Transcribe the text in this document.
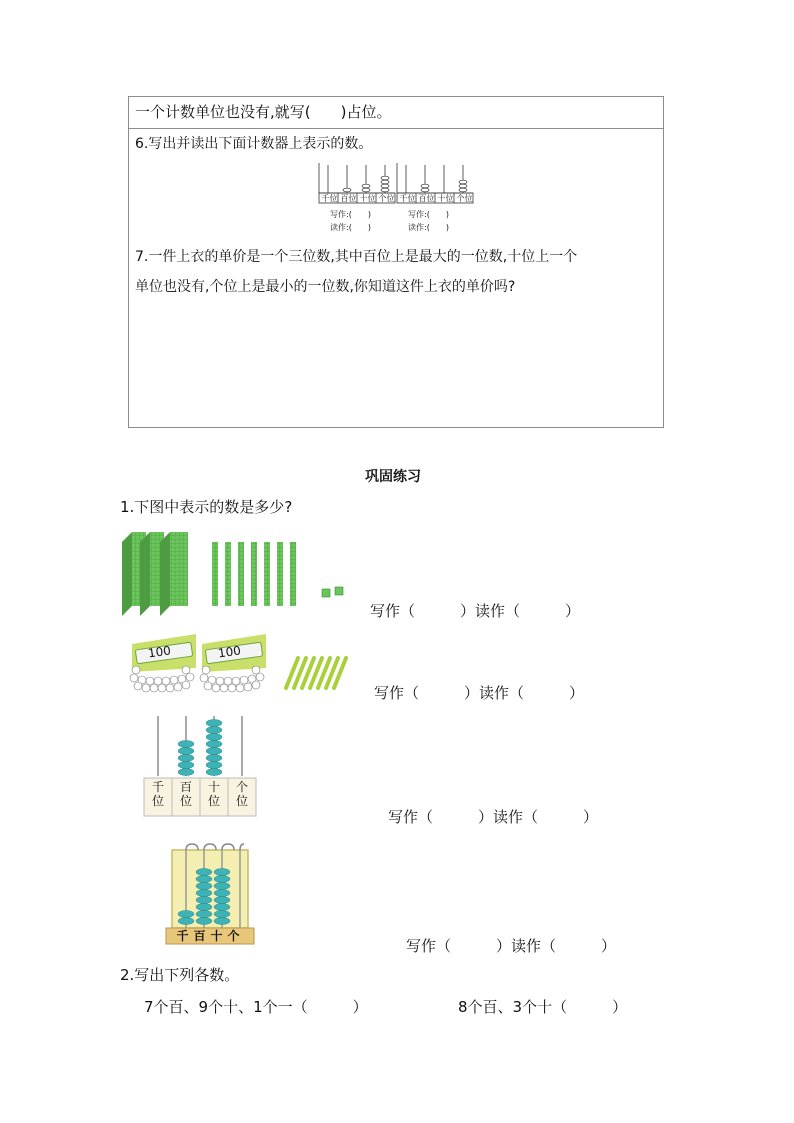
一个计数单位也没有,就写(　　)占位。
6.写出并读出下面计数器上表示的数。
千位 百位 十位 个位 千位 百位 十位 个位
写作:(　　)
读作:(　　)
写作:(　　)
读作:(　　)
7.一件上衣的单价是一个三位数,其中百位上是最大的一位数,十位上一个
单位也没有,个位上是最小的一位数,你知道这件上衣的单价吗?
巩固练习
1.下图中表示的数是多少?
写作（　　　）读作（　　　）
100	100
写作（　　　）读作（　　　）
千位
百位
十位
个位
写作（　　　）读作（　　　）
千 百 十 个
写作（　　　）读作（　　　）
2.写出下列各数。
7个百、9个十、1个一（　　　）	8个百、3个十（　　　）
